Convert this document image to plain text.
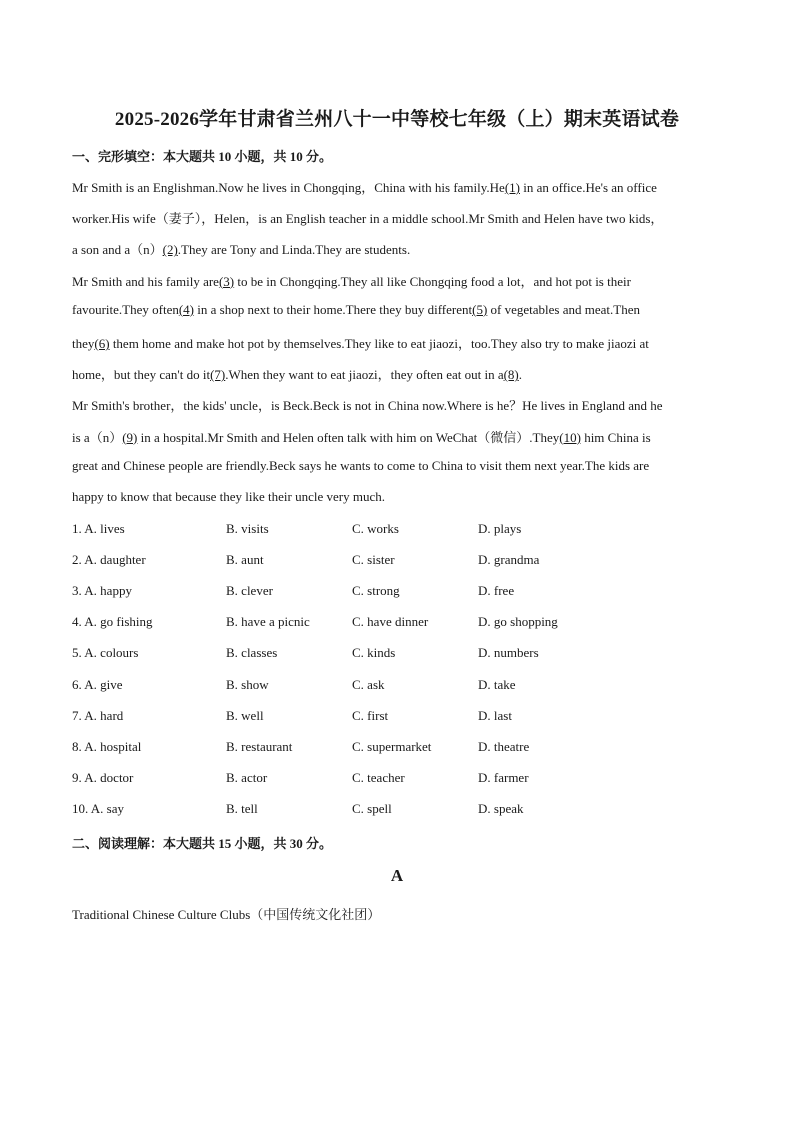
2025-2026学年甘肃省兰州八十一中等校七年级（上）期末英语试卷
一、完形填空：本大题共 10 小题，共 10 分。
Mr Smith is an Englishman.Now he lives in Chongqing，China with his family.He(1) in an office.He's an office
worker.His wife（妻子），Helen，is an English teacher in a middle school.Mr Smith and Helen have two kids，
a son and a（n）(2).They are Tony and Linda.They are students.
Mr Smith and his family are(3) to be in Chongqing.They all like Chongqing food a lot，and hot pot is their
favourite.They often(4) in a shop next to their home.There they buy different(5) of vegetables and meat.Then
they(6) them home and make hot pot by themselves.They like to eat jiaozi，too.They also try to make jiaozi at
home，but they can't do it(7).When they want to eat jiaozi，they often eat out in a(8).
Mr Smith's brother，the kids' uncle，is Beck.Beck is not in China now.Where is he？He lives in England and he
is a（n）(9) in a hospital.Mr Smith and Helen often talk with him on WeChat（微信）.They(10) him China is
great and Chinese people are friendly.Beck says he wants to come to China to visit them next year.The kids are
happy to know that because they like their uncle very much.
1. A. lives	B. visits	C. works	D. plays
2. A. daughter	B. aunt	C. sister	D. grandma
3. A. happy	B. clever	C. strong	D. free
4. A. go fishing	B. have a picnic	C. have dinner	D. go shopping
5. A. colours	B. classes	C. kinds	D. numbers
6. A. give	B. show	C. ask	D. take
7. A. hard	B. well	C. first	D. last
8. A. hospital	B. restaurant	C. supermarket	D. theatre
9. A. doctor	B. actor	C. teacher	D. farmer
10. A. say	B. tell	C. spell	D. speak
二、阅读理解：本大题共 15 小题，共 30 分。
A
Traditional Chinese Culture Clubs（中国传统文化社团）
